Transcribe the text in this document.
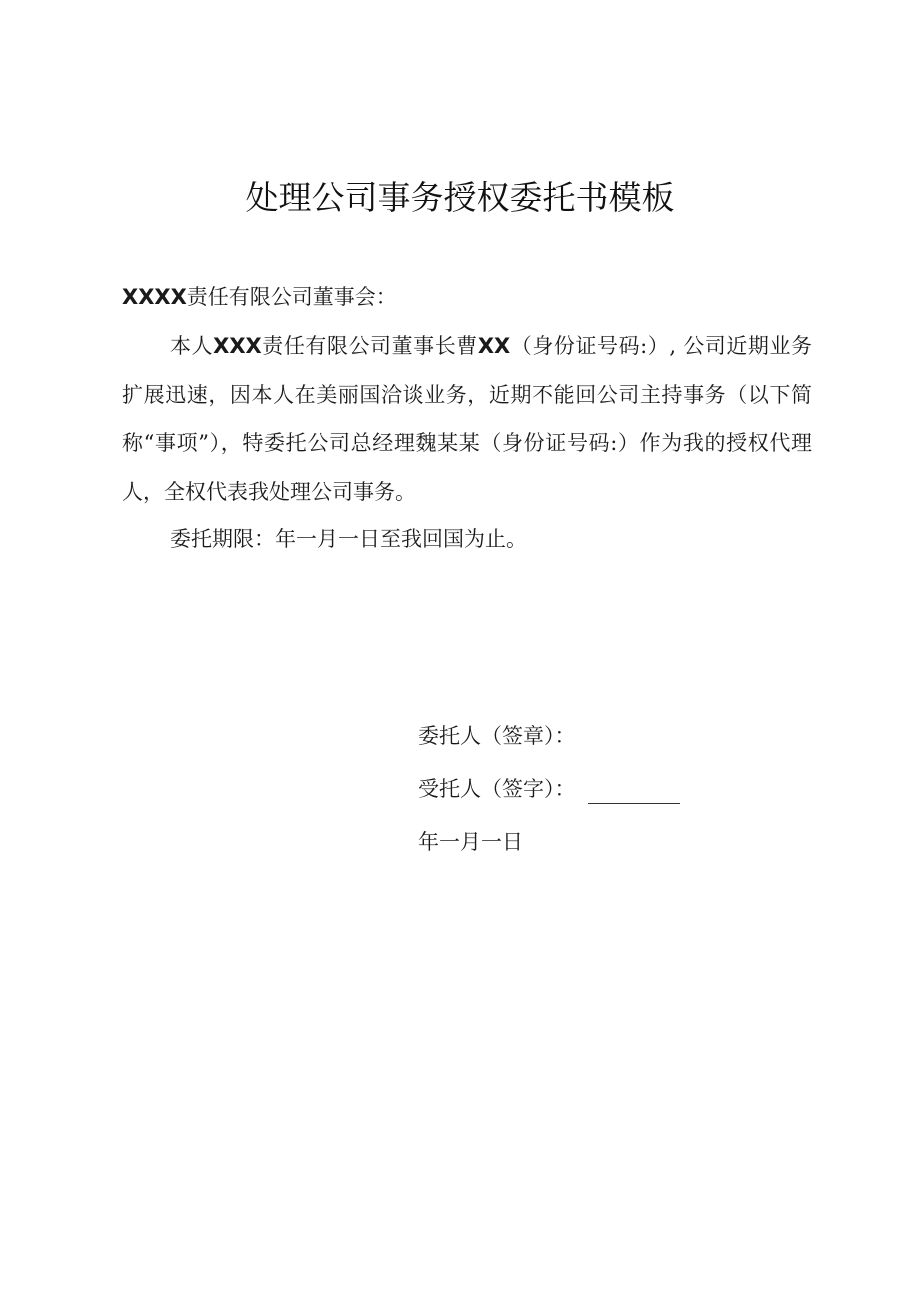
处理公司事务授权委托书模板
XXXX责任有限公司董事会：
本人XXX责任有限公司董事长曹XX（身份证号码:）, 公司近期业务扩展迅速，因本人在美丽国洽谈业务，近期不能回公司主持事务（以下简称“事项”），特委托公司总经理魏某某（身份证号码:）作为我的授权代理人，全权代表我处理公司事务。
委托期限：年一月一日至我回国为止。
委托人（签章）：
受托人（签字）：
年一月一日
